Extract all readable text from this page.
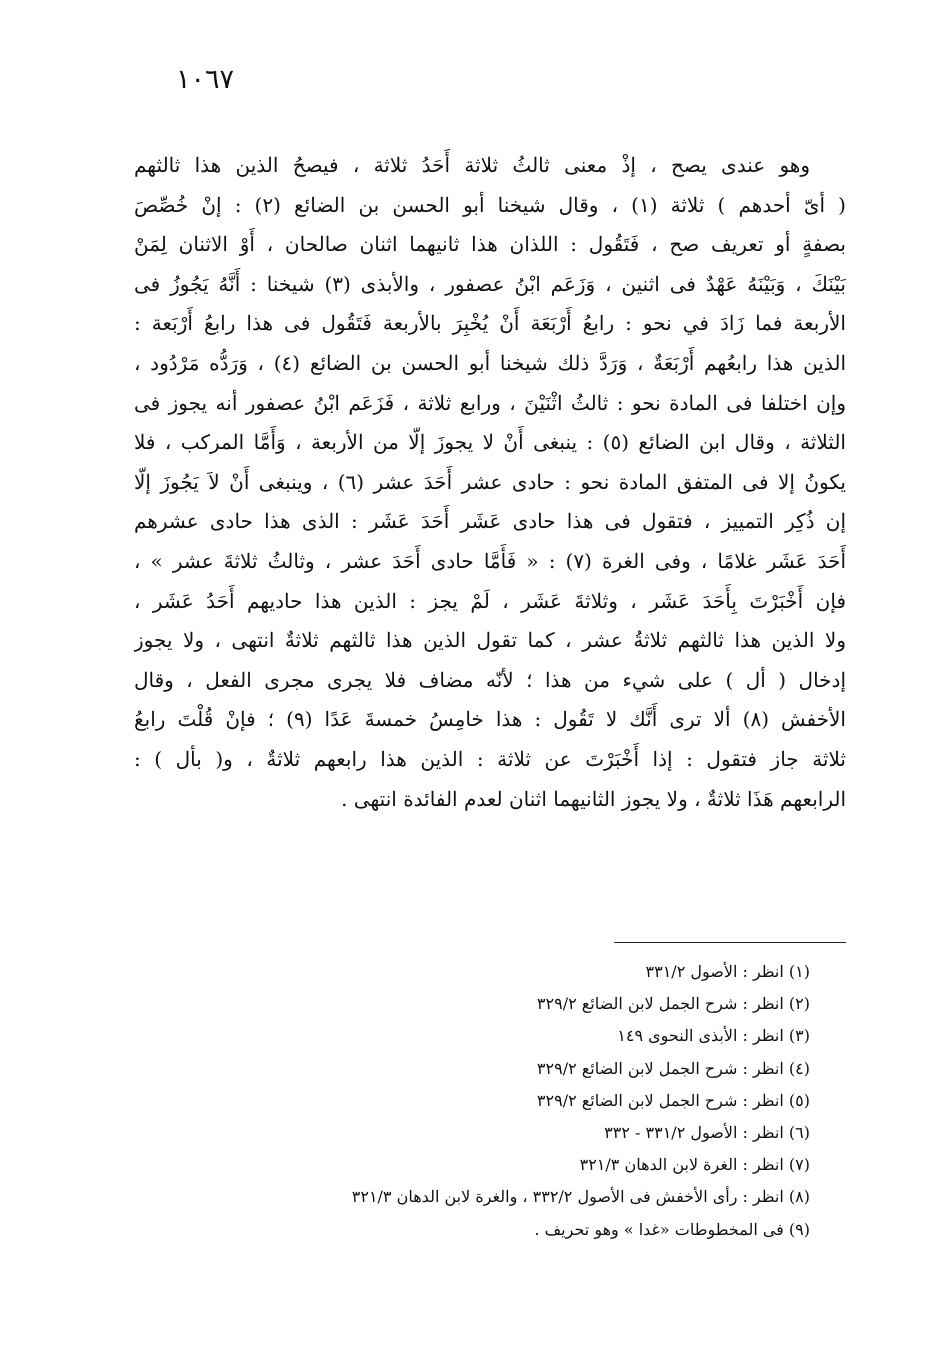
١٠٦٧
وهو عندى يصح ، إذْ معنى ثالثُ ثلاثة أَحَدُ ثلاثة ، فيصحُ الذين هذا ثالثهم
( أىّ أحدهم ) ثلاثة (١) ، وقال شيخنا أبو الحسن بن الضائع (٢) : إنْ خُصِّصَ
بصفةٍ أو تعريف صح ، فَتَقُول : اللذان هذا ثانيهما اثنان صالحان ، أَوْ الاثنان لِمَنْ
بَيْنَكَ ، وَبَيْنَهُ عَهْدٌ فى اثنين ، وَزَعَم ابْنُ عصفور ، والأبذى (٣) شيخنا : أَنَّهُ يَجُوزُ فى
الأربعة فما زَادَ في نحو : رابعُ أَرْبَعَة أَنْ يُخْبِرَ بالأربعة فَتَقُول فى هذا رابعُ أَرْبَعة :
الذين هذا رابعُهم أَرْبَعَةٌ ، وَرَدَّ ذلك شيخنا أبو الحسن بن الضائع (٤) ، وَرَدُّه مَرْدُود ،
وإن اختلفا فى المادة نحو : ثالثُ اثْنَيْنَ ، ورابع ثلاثة ، فَزَعَم ابْنُ عصفور أنه يجوز فى
الثلاثة ، وقال ابن الضائع (٥) : ينبغى أَنْ لا يجوزَ إلّا من الأربعة ، وَأَمَّا المركب ، فلا
يكونُ إلا فى المتفق المادة نحو : حادى عشر أَحَدَ عشر (٦) ، وينبغى أَنْ لاَ يَجُوزَ إلّا
إن ذُكِر التمييز ، فتقول فى هذا حادى عَشَر أَحَدَ عَشَر : الذى هذا حادى عشرهم
أَحَدَ عَشَر غلامًا ، وفى الغرة (٧) : « فَأَمَّا حادى أَحَدَ عشر ، وثالثُ ثلاثةَ عشر » ،
فإن أَخْبَرْتَ بِأَحَدَ عَشَر ، وثلاثةَ عَشَر ، لَمْ يجز : الذين هذا حاديهم أَحَدُ عَشَر ،
ولا الذين هذا ثالثهم ثلاثةُ عشر ، كما تقول الذين هذا ثالثهم ثلاثةٌ انتهى ، ولا يجوز
إدخال ( أل ) على شيء من هذا ؛ لأنّه مضاف فلا يجرى مجرى الفعل ، وقال
الأخفش (٨) ألا ترى أَنَّك لا تَقُول : هذا خامِسُ خمسةَ عَدًا (٩) ؛ فإنْ قُلْتَ رابعُ
ثلاثة جاز فتقول : إذا أَخْبَرْتَ عن ثلاثة : الذين هذا رابعهم ثلاثةٌ ، و( بأل ) :
الرابعهم هَذَا ثلاثةٌ ، ولا يجوز الثانيهما اثنان لعدم الفائدة انتهى .
(١) انظر : الأصول ٣٣١/٢
(٢) انظر : شرح الجمل لابن الضائع ٣٢٩/٢
(٣) انظر : الأبذى النحوى ١٤٩
(٤) انظر : شرح الجمل لابن الضائع ٣٢٩/٢
(٥) انظر : شرح الجمل لابن الضائع ٣٢٩/٢
(٦) انظر : الأصول ٣٣١/٢ - ٣٣٢
(٧) انظر : الغرة لابن الدهان ٣٢١/٣
(٨) انظر : رأى الأخفش فى الأصول ٣٣٢/٢ ، والغرة لابن الدهان ٣٢١/٣
(٩) فى المخطوطات «غدا » وهو تحريف .
